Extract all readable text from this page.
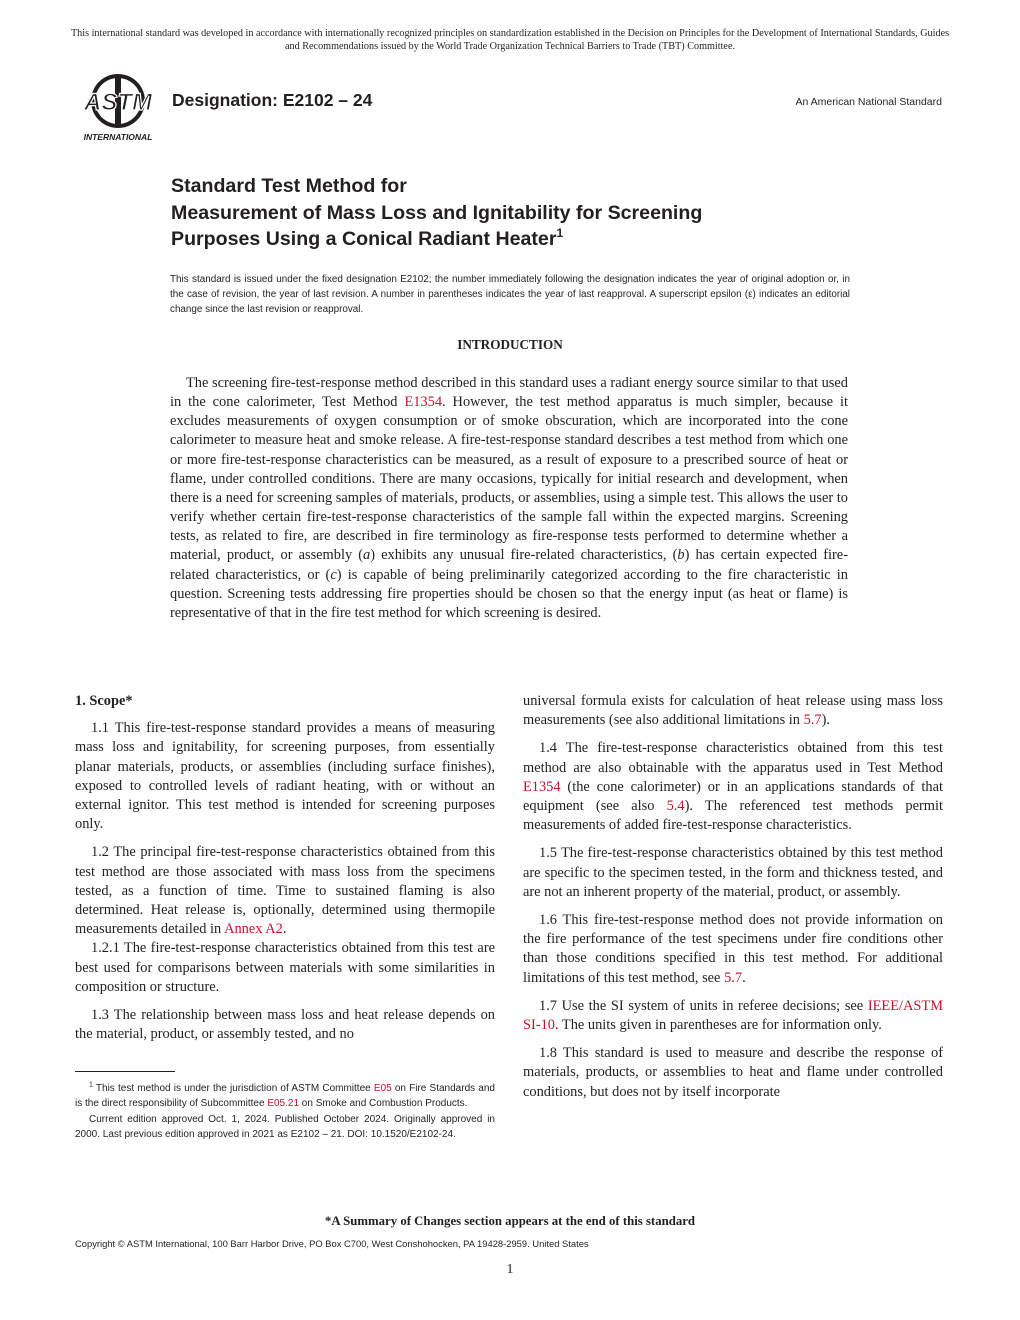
This international standard was developed in accordance with internationally recognized principles on standardization established in the Decision on Principles for the Development of International Standards, Guides and Recommendations issued by the World Trade Organization Technical Barriers to Trade (TBT) Committee.
ASTM
INTERNATIONAL
Designation: E2102 – 24	An American National Standard
Standard Test Method for
Measurement of Mass Loss and Ignitability for Screening
Purposes Using a Conical Radiant Heater$^1$
This standard is issued under the fixed designation E2102; the number immediately following the designation indicates the year of original adoption or, in the case of revision, the year of last revision. A number in parentheses indicates the year of last reapproval. A superscript epsilon (ε) indicates an editorial change since the last revision or reapproval.
INTRODUCTION

The screening fire-test-response method described in this standard uses a radiant energy source similar to that used in the cone calorimeter, Test Method E1354. However, the test method apparatus is much simpler, because it excludes measurements of oxygen consumption or of smoke obscuration, which are incorporated into the cone calorimeter to measure heat and smoke release. A fire-test-response standard describes a test method from which one or more fire-test-response characteristics can be measured, as a result of exposure to a prescribed source of heat or flame, under controlled conditions. There are many occasions, typically for initial research and development, when there is a need for screening samples of materials, products, or assemblies, using a simple test. This allows the user to verify whether certain fire-test-response characteristics of the sample fall within the expected margins. Screening tests, as related to fire, are described in fire terminology as fire-response tests performed to determine whether a material, product, or assembly (a) exhibits any unusual fire-related characteristics, (b) has certain expected fire-related characteristics, or (c) is capable of being preliminarily categorized according to the fire characteristic in question. Screening tests addressing fire properties should be chosen so that the energy input (as heat or flame) is representative of that in the fire test method for which screening is desired.

1. Scope*

1.1 This fire-test-response standard provides a means of measuring mass loss and ignitability, for screening purposes, from essentially planar materials, products, or assemblies (including surface finishes), exposed to controlled levels of radiant heating, with or without an external ignitor. This test method is intended for screening purposes only.

1.2 The principal fire-test-response characteristics obtained from this test method are those associated with mass loss from the specimens tested, as a function of time. Time to sustained flaming is also determined. Heat release is, optionally, determined using thermopile measurements detailed in Annex A2.

1.2.1 The fire-test-response characteristics obtained from this test are best used for comparisons between materials with some similarities in composition or structure.

1.3 The relationship between mass loss and heat release depends on the material, product, or assembly tested, and no

$^1$ This test method is under the jurisdiction of ASTM Committee E05 on Fire Standards and is the direct responsibility of Subcommittee E05.21 on Smoke and Combustion Products.

Current edition approved Oct. 1, 2024. Published October 2024. Originally approved in 2000. Last previous edition approved in 2021 as E2102 – 21. DOI: 10.1520/E2102-24.

universal formula exists for calculation of heat release using mass loss measurements (see also additional limitations in 5.7).

1.4 The fire-test-response characteristics obtained from this test method are also obtainable with the apparatus used in Test Method E1354 (the cone calorimeter) or in an applications standards of that equipment (see also 5.4). The referenced test methods permit measurements of added fire-test-response characteristics.

1.5 The fire-test-response characteristics obtained by this test method are specific to the specimen tested, in the form and thickness tested, and are not an inherent property of the material, product, or assembly.

1.6 This fire-test-response method does not provide information on the fire performance of the test specimens under fire conditions other than those conditions specified in this test method. For additional limitations of this test method, see 5.7.

1.7 Use the SI system of units in referee decisions; see IEEE/ASTM SI-10. The units given in parentheses are for information only.

1.8 This standard is used to measure and describe the response of materials, products, or assemblies to heat and flame under controlled conditions, but does not by itself incorporate

*A Summary of Changes section appears at the end of this standard
Copyright © ASTM International, 100 Barr Harbor Drive, PO Box C700, West Conshohocken, PA 19428-2959. United States
1
